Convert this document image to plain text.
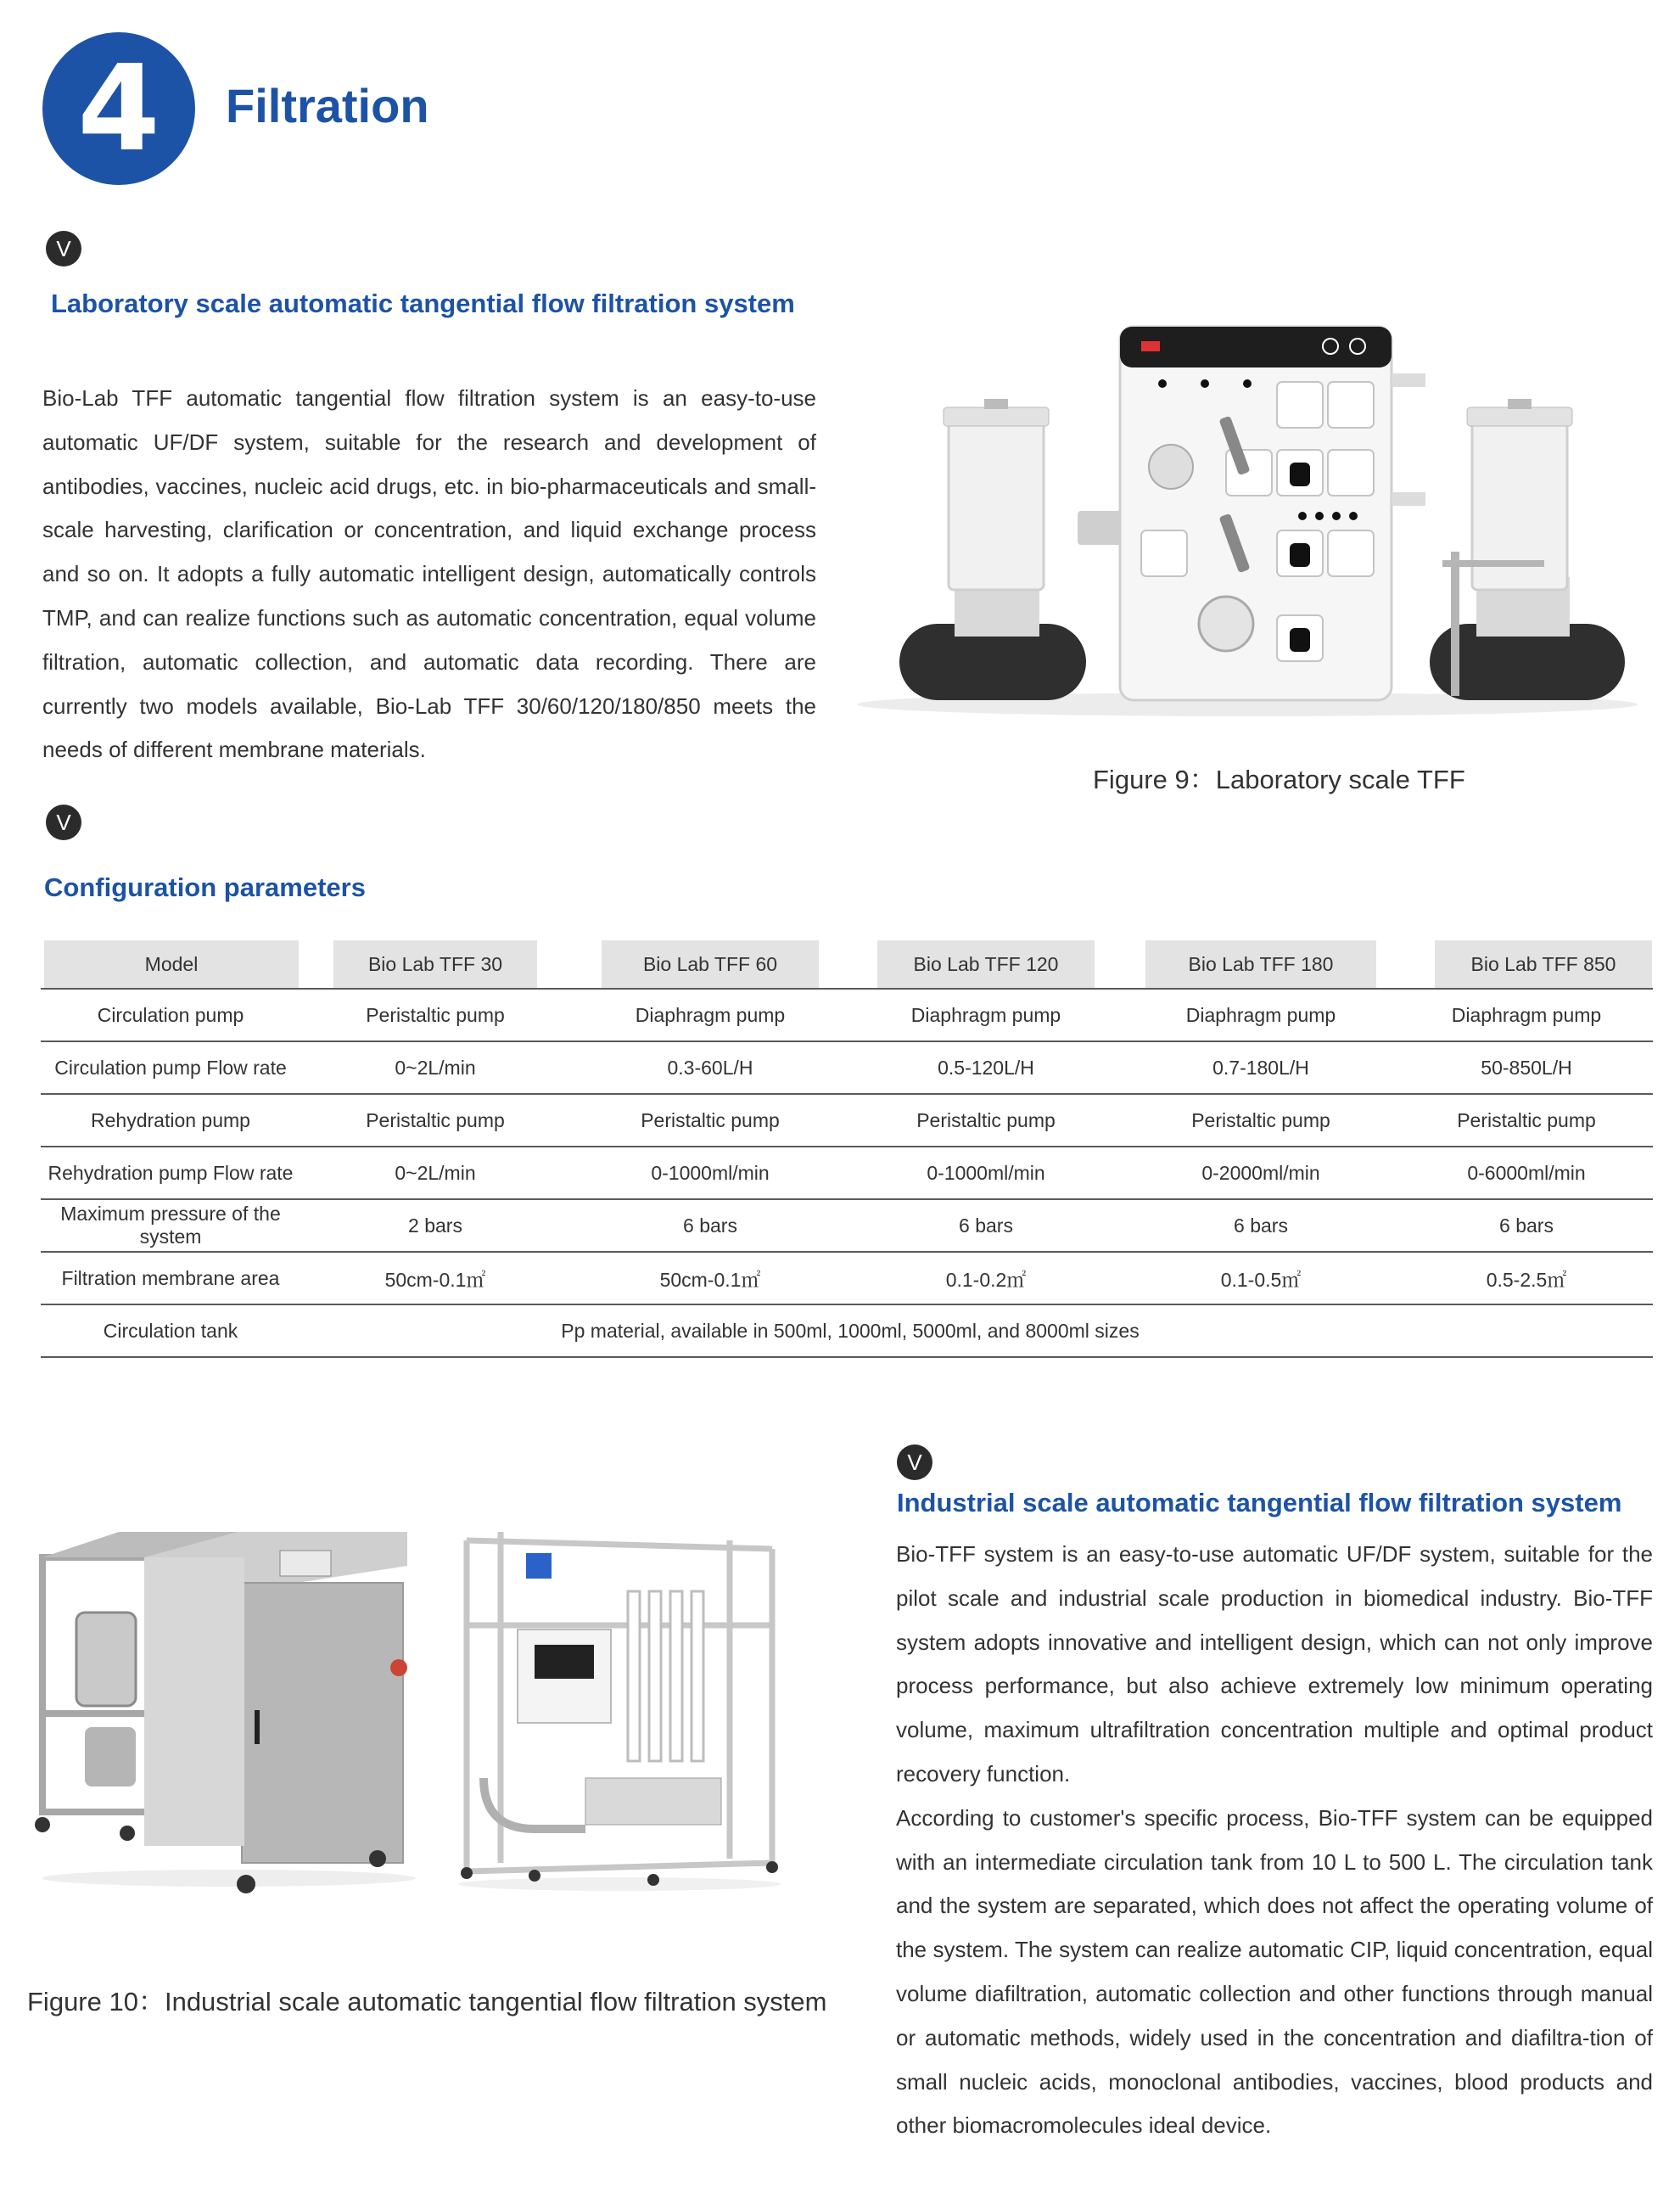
4 Filtration
V
Laboratory scale automatic tangential flow filtration system

Bio-Lab TFF automatic tangential flow filtration system is an easy-to-use automatic UF/DF system, suitable for the research and development of antibodies, vaccines, nucleic acid drugs, etc. in bio-pharmaceuticals and small-scale harvesting, clarification or concentration, and liquid exchange process and so on. It adopts a fully automatic intelligent design, automatically controls TMP, and can realize functions such as automatic concentration, equal volume filtration, automatic collection, and automatic data recording. There are currently two models available, Bio-Lab TFF 30/60/120/180/850 meets the needs of different membrane materials.

Figure 9：Laboratory scale TFF
V
Configuration parameters
Model	Bio Lab TFF 30	Bio Lab TFF 60	Bio Lab TFF 120	Bio Lab TFF 180	Bio Lab TFF 850
Circulation pump	Peristaltic pump	Diaphragm pump	Diaphragm pump	Diaphragm pump	Diaphragm pump
Circulation pump Flow rate	0~2L/min	0.3-60L/H	0.5-120L/H	0.7-180L/H	50-850L/H
Rehydration pump	Peristaltic pump	Peristaltic pump	Peristaltic pump	Peristaltic pump	Peristaltic pump
Rehydration pump Flow rate	0~2L/min	0-1000ml/min	0-1000ml/min	0-2000ml/min	0-6000ml/min
Maximum pressure of the system	2 bars	6 bars	6 bars	6 bars	6 bars
Filtration membrane area	50cm-0.1㎡	50cm-0.1㎡	0.1-0.2㎡	0.1-0.5㎡	0.5-2.5㎡
Circulation tank	Pp material, available in 500ml, 1000ml, 5000ml, and 8000ml sizes				
Figure 10：Industrial scale automatic tangential flow filtration system
V
Industrial scale automatic tangential flow filtration system

Bio-TFF system is an easy-to-use automatic UF/DF system, suitable for the pilot scale and industrial scale production in biomedical industry. Bio-TFF system adopts innovative and intelligent design, which can not only improve process performance, but also achieve extremely low minimum operating volume, maximum ultrafiltration concentration multiple and optimal product recovery function.

According to customer's specific process, Bio-TFF system can be equipped with an intermediate circulation tank from 10 L to 500 L. The circulation tank and the system are separated, which does not affect the operating volume of the system. The system can realize automatic CIP, liquid concentration, equal volume diafiltration, automatic collection and other functions through manual or automatic methods, widely used in the concentration and diafiltra-tion of small nucleic acids, monoclonal antibodies, vaccines, blood products and other biomacromolecules ideal device.
